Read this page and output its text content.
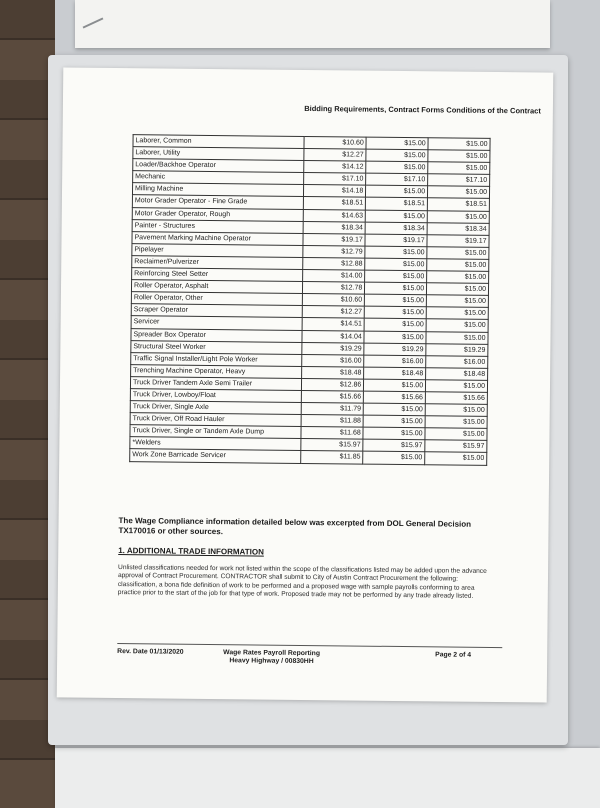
Bidding Requirements, Contract Forms Conditions of the Contract
Laborer, Common	$10.60	$15.00	$15.00
Laborer, Utility	$12.27	$15.00	$15.00
Loader/Backhoe Operator	$14.12	$15.00	$15.00
Mechanic	$17.10	$17.10	$17.10
Milling Machine	$14.18	$15.00	$15.00
Motor Grader Operator - Fine Grade	$18.51	$18.51	$18.51
Motor Grader Operator, Rough	$14.63	$15.00	$15.00
Painter - Structures	$18.34	$18.34	$18.34
Pavement Marking Machine Operator	$19.17	$19.17	$19.17
Pipelayer	$12.79	$15.00	$15.00
Reclaimer/Pulverizer	$12.88	$15.00	$15.00
Reinforcing Steel Setter	$14.00	$15.00	$15.00
Roller Operator, Asphalt	$12.78	$15.00	$15.00
Roller Operator, Other	$10.60	$15.00	$15.00
Scraper Operator	$12.27	$15.00	$15.00
Servicer	$14.51	$15.00	$15.00
Spreader Box Operator	$14.04	$15.00	$15.00
Structural Steel Worker	$19.29	$19.29	$19.29
Traffic Signal Installer/Light Pole Worker	$16.00	$16.00	$16.00
Trenching Machine Operator, Heavy	$18.48	$18.48	$18.48
Truck Driver Tandem Axle Semi Trailer	$12.86	$15.00	$15.00
Truck Driver, Lowboy/Float	$15.66	$15.66	$15.66
Truck Driver, Single Axle	$11.79	$15.00	$15.00
Truck Driver, Off Road Hauler	$11.88	$15.00	$15.00
Truck Driver, Single or Tandem Axle Dump	$11.68	$15.00	$15.00
*Welders	$15.97	$15.97	$15.97
Work Zone Barricade Servicer	$11.85	$15.00	$15.00
The Wage Compliance information detailed below was excerpted from DOL General Decision TX170016 or other sources.
1. ADDITIONAL TRADE INFORMATION
Unlisted classifications needed for work not listed within the scope of the classifications listed may be added upon the advance approval of Contract Procurement. CONTRACTOR shall submit to City of Austin Contract Procurement the following: classification, a bona fide definition of work to be performed and a proposed wage with sample payrolls conforming to area practice prior to the start of the job for that type of work. Proposed trade may not be performed by any trade already listed.
Rev. Date 01/13/2020	Wage Rates Payroll Reporting
Heavy Highway / 00830HH
Page 2 of 4
